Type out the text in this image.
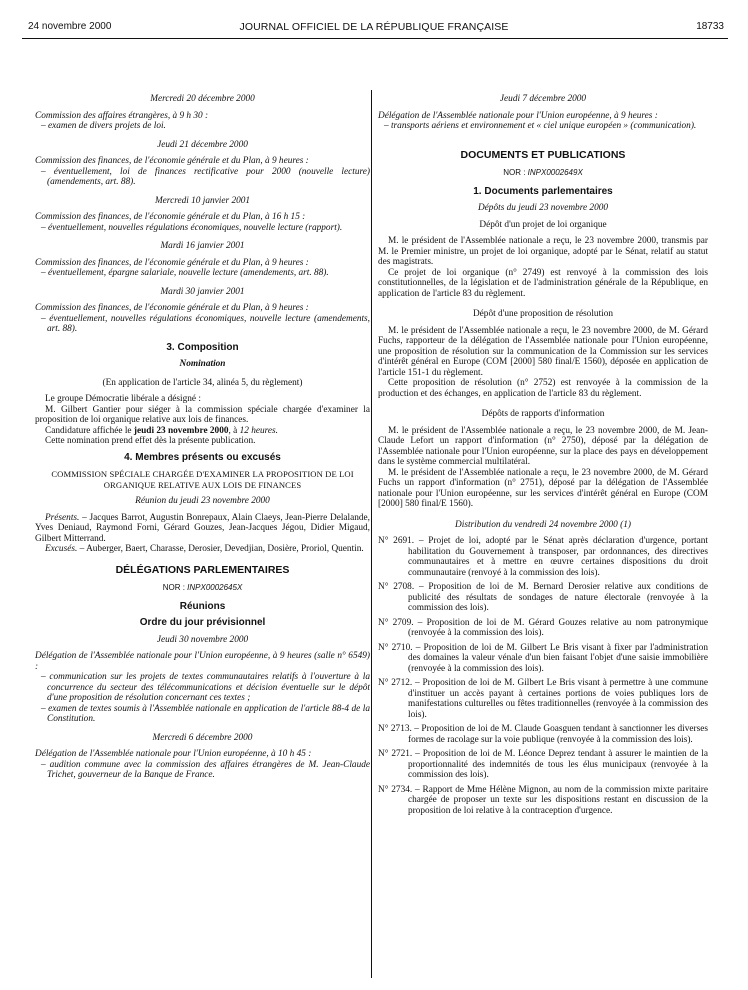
24 novembre 2000	JOURNAL OFFICIEL DE LA RÉPUBLIQUE FRANÇAISE	18733

Mercredi 20 décembre 2000

Commission des affaires étrangères, à 9 h 30 :

– examen de divers projets de loi.

Jeudi 21 décembre 2000

Commission des finances, de l'économie générale et du Plan, à 9 heures :

– éventuellement, loi de finances rectificative pour 2000 (nouvelle lecture) (amendements, art. 88).

Mercredi 10 janvier 2001

Commission des finances, de l'économie générale et du Plan, à 16 h 15 :

– éventuellement, nouvelles régulations économiques, nouvelle lecture (rapport).

Mardi 16 janvier 2001

Commission des finances, de l'économie générale et du Plan, à 9 heures :

– éventuellement, épargne salariale, nouvelle lecture (amendements, art. 88).

Mardi 30 janvier 2001

Commission des finances, de l'économie générale et du Plan, à 9 heures :

– éventuellement, nouvelles régulations économiques, nouvelle lecture (amendements, art. 88).

3. Composition

Nomination

(En application de l'article 34, alinéa 5, du règlement)

Le groupe Démocratie libérale a désigné :

M. Gilbert Gantier pour siéger à la commission spéciale chargée d'examiner la proposition de loi organique relative aux lois de finances.

Candidature affichée le jeudi 23 novembre 2000, à 12 heures.

Cette nomination prend effet dès la présente publication.

4. Membres présents ou excusés

COMMISSION SPÉCIALE CHARGÉE D'EXAMINER LA PROPOSITION DE LOI ORGANIQUE RELATIVE AUX LOIS DE FINANCES

Réunion du jeudi 23 novembre 2000

Présents. – Jacques Barrot, Augustin Bonrepaux, Alain Claeys, Jean-Pierre Delalande, Yves Deniaud, Raymond Forni, Gérard Gouzes, Jean-Jacques Jégou, Didier Migaud, Gilbert Mitterrand.

Excusés. – Auberger, Baert, Charasse, Derosier, Devedjian, Dosière, Proriol, Quentin.

DÉLÉGATIONS PARLEMENTAIRES

NOR : INPX0002645X

Réunions

Ordre du jour prévisionnel

Jeudi 30 novembre 2000

Délégation de l'Assemblée nationale pour l'Union européenne, à 9 heures (salle n° 6549) :

– communication sur les projets de textes communautaires relatifs à l'ouverture à la concurrence du secteur des télécommunications et décision éventuelle sur le dépôt d'une proposition de résolution concernant ces textes ;

– examen de textes soumis à l'Assemblée nationale en application de l'article 88-4 de la Constitution.

Mercredi 6 décembre 2000

Délégation de l'Assemblée nationale pour l'Union européenne, à 10 h 45 :

– audition commune avec la commission des affaires étrangères de M. Jean-Claude Trichet, gouverneur de la Banque de France.

Jeudi 7 décembre 2000

Délégation de l'Assemblée nationale pour l'Union européenne, à 9 heures :

– transports aériens et environnement et « ciel unique européen » (communication).

DOCUMENTS ET PUBLICATIONS

NOR : INPX0002649X

1. Documents parlementaires

Dépôts du jeudi 23 novembre 2000

Dépôt d'un projet de loi organique

M. le président de l'Assemblée nationale a reçu, le 23 novembre 2000, transmis par M. le Premier ministre, un projet de loi organique, adopté par le Sénat, relatif au statut des magistrats.

Ce projet de loi organique (n° 2749) est renvoyé à la commission des lois constitutionnelles, de la législation et de l'administration générale de la République, en application de l'article 83 du règlement.

Dépôt d'une proposition de résolution

M. le président de l'Assemblée nationale a reçu, le 23 novembre 2000, de M. Gérard Fuchs, rapporteur de la délégation de l'Assemblée nationale pour l'Union européenne, une proposition de résolution sur la communication de la Commission sur les services d'intérêt général en Europe (COM [2000] 580 final/E 1560), déposée en application de l'article 151-1 du règlement.

Cette proposition de résolution (n° 2752) est renvoyée à la commission de la production et des échanges, en application de l'article 83 du règlement.

Dépôts de rapports d'information

M. le président de l'Assemblée nationale a reçu, le 23 novembre 2000, de M. Jean-Claude Lefort un rapport d'information (n° 2750), déposé par la délégation de l'Assemblée nationale pour l'Union européenne, sur la place des pays en développement dans le système commercial multilatéral.

M. le président de l'Assemblée nationale a reçu, le 23 novembre 2000, de M. Gérard Fuchs un rapport d'information (n° 2751), déposé par la délégation de l'Assemblée nationale pour l'Union européenne, sur les services d'intérêt général en Europe (COM [2000] 580 final/E 1560).

Distribution du vendredi 24 novembre 2000 (1)

N° 2691. – Projet de loi, adopté par le Sénat après déclaration d'urgence, portant habilitation du Gouvernement à transposer, par ordonnances, des directives communautaires et à mettre en œuvre certaines dispositions du droit communautaire (renvoyé à la commission des lois).

N° 2708. – Proposition de loi de M. Bernard Derosier relative aux conditions de publicité des résultats de sondages de nature électorale (renvoyée à la commission des lois).

N° 2709. – Proposition de loi de M. Gérard Gouzes relative au nom patronymique (renvoyée à la commission des lois).

N° 2710. – Proposition de loi de M. Gilbert Le Bris visant à fixer par l'administration des domaines la valeur vénale d'un bien faisant l'objet d'une saisie immobilière (renvoyée à la commission des lois).

N° 2712. – Proposition de loi de M. Gilbert Le Bris visant à permettre à une commune d'instituer un accès payant à certaines portions de voies publiques lors de manifestations culturelles ou fêtes traditionnelles (renvoyée à la commission des lois).

N° 2713. – Proposition de loi de M. Claude Goasguen tendant à sanctionner les diverses formes de racolage sur la voie publique (renvoyée à la commission des lois).

N° 2721. – Proposition de loi de M. Léonce Deprez tendant à assurer le maintien de la proportionnalité des indemnités de tous les élus municipaux (renvoyée à la commission des lois).

N° 2734. – Rapport de Mme Hélène Mignon, au nom de la commission mixte paritaire chargée de proposer un texte sur les dispositions restant en discussion de la proposition de loi relative à la contraception d'urgence.
